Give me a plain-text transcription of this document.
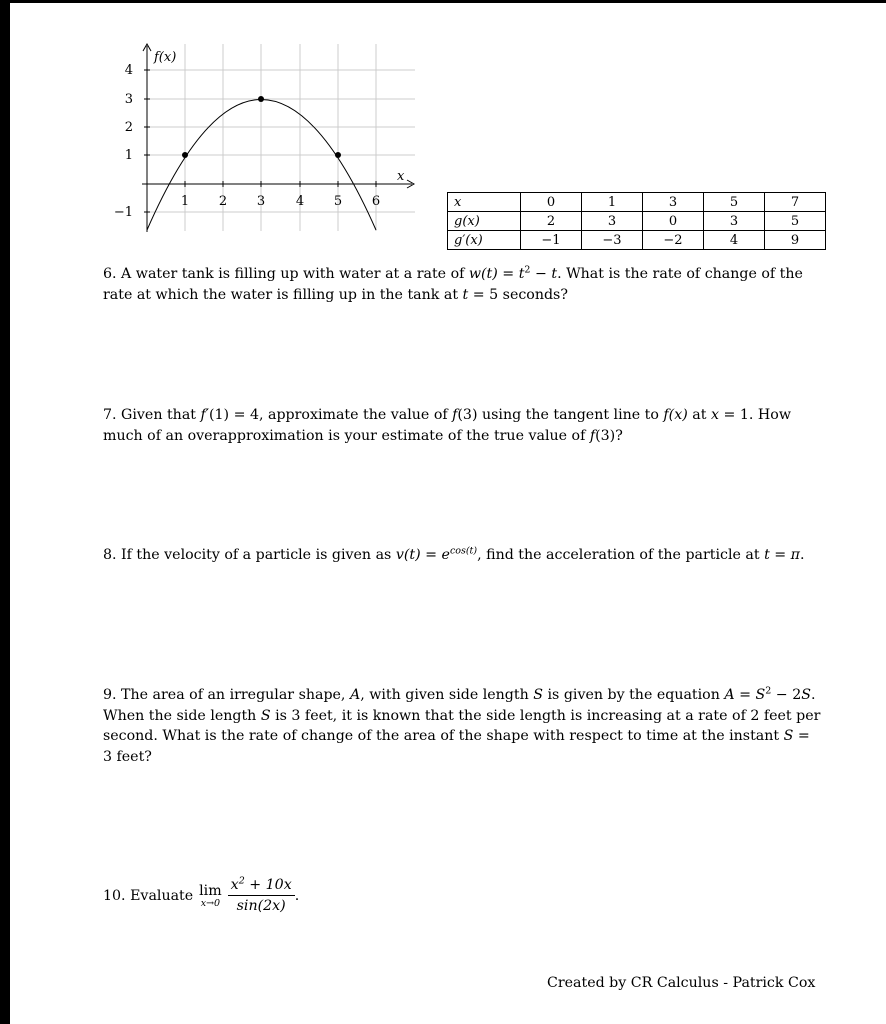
f(x)
x
1 2 3 4 5 6
4
3
2
1
−1
x	0	1	3	5	7
g(x)	2	3	0	3	5
g′(x)	−1	−3	−2	4	9
6. A water tank is filling up with water at a rate of $w(t) = t^2 - t$. What is the rate of change of the rate at which the water is filling up in the tank at t = 5 seconds?
7. Given that f′(1) = 4, approximate the value of f(3) using the tangent line to f(x) at x = 1. How much of an overapproximation is your estimate of the true value of f(3)?
8. If the velocity of a particle is given as $v(t) = e^{cos(t)}$, find the acceleration of the particle at t = π.
9. The area of an irregular shape, A, with given side length S is given by the equation $A = S^2 - 2S$. When the side length S is 3 feet, it is known that the side length is increasing at a rate of 2 feet per second. What is the rate of change of the area of the shape with respect to time at the instant S = 3 feet?
10. Evaluate lim
$x\to 0 \frac{x^2 + 10x}{\sin(2x)}$ .
Created by CR Calculus - Patrick Cox
